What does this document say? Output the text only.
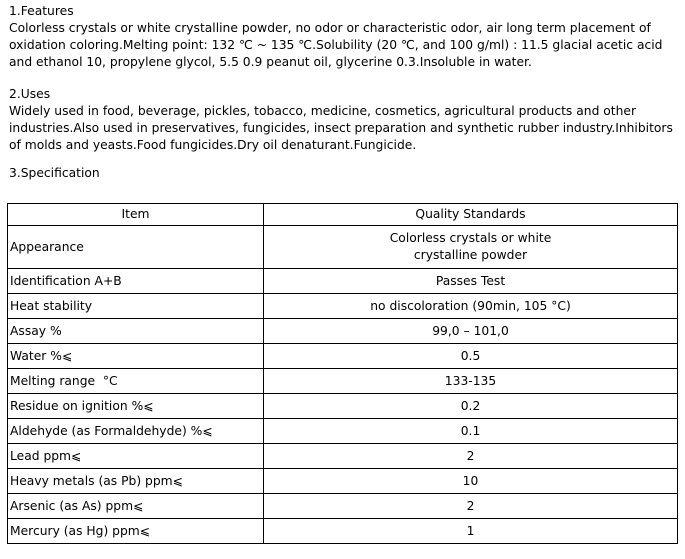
1.Features
Colorless crystals or white crystalline powder, no odor or characteristic odor, air long term placement of oxidation coloring.Melting point: 132 ℃ ~ 135 ℃.Solubility (20 ℃, and 100 g/ml) : 11.5 glacial acetic acid and ethanol 10, propylene glycol, 5.5 0.9 peanut oil, glycerine 0.3.Insoluble in water.
2.Uses
Widely used in food, beverage, pickles, tobacco, medicine, cosmetics, agricultural products and other industries.Also used in preservatives, fungicides, insect preparation and synthetic rubber industry.Inhibitors of molds and yeasts.Food fungicides.Dry oil denaturant.Fungicide.
3.Specification
Item	Quality Standards
Appearance	Colorless crystals or white
crystalline powder

Identification A+B	Passes Test
Heat stability	no discoloration (90min, 105 °C)
Assay %	99,0 – 101,0
Water %⩽	0.5
Melting range  °C	133-135
Residue on ignition %⩽	0.2
Aldehyde (as Formaldehyde) %⩽	0.1
Lead ppm⩽	2
Heavy metals (as Pb) ppm⩽	10
Arsenic (as As) ppm⩽	2
Mercury (as Hg) ppm⩽	1
